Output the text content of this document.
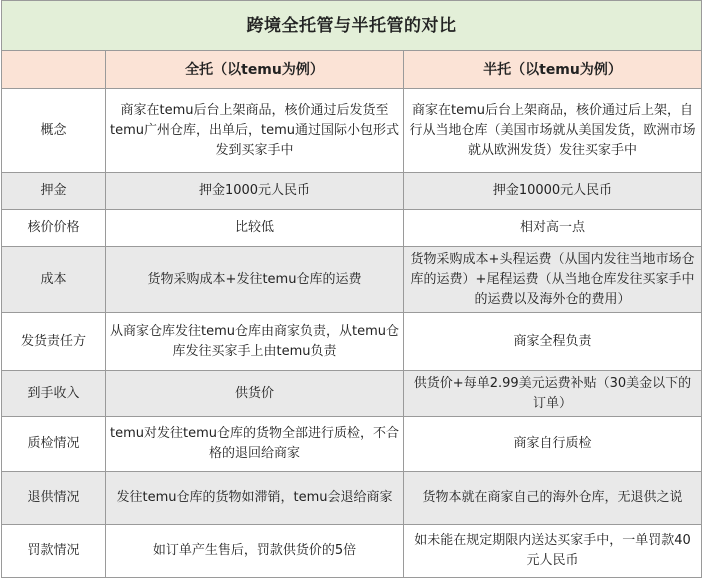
跨境全托管与半托管的对比		
	全托（以temu为例）	半托（以temu为例）
概念	商家在temu后台上架商品，核价通过后发货至temu广州仓库，出单后，temu通过国际小包形式发到买家手中	商家在temu后台上架商品，核价通过后上架，自行从当地仓库（美国市场就从美国发货，欧洲市场就从欧洲发货）发往买家手中
押金	押金1000元人民币	押金10000元人民币
核价价格	比较低	相对高一点
成本	货物采购成本+发往temu仓库的运费	货物采购成本+头程运费（从国内发往当地市场仓库的运费）+尾程运费（从当地仓库发往买家手中的运费以及海外仓的费用）
发货责任方	从商家仓库发往temu仓库由商家负责，从temu仓库发往买家手上由temu负责	商家全程负责
到手收入	供货价	供货价+每单2.99美元运费补贴（30美金以下的订单）
质检情况	temu对发往temu仓库的货物全部进行质检，不合格的退回给商家	商家自行质检
退供情况	发往temu仓库的货物如滞销，temu会退给商家	货物本就在商家自己的海外仓库，无退供之说
罚款情况	如订单产生售后，罚款供货价的5倍	如未能在规定期限内送达买家手中，一单罚款40元人民币
